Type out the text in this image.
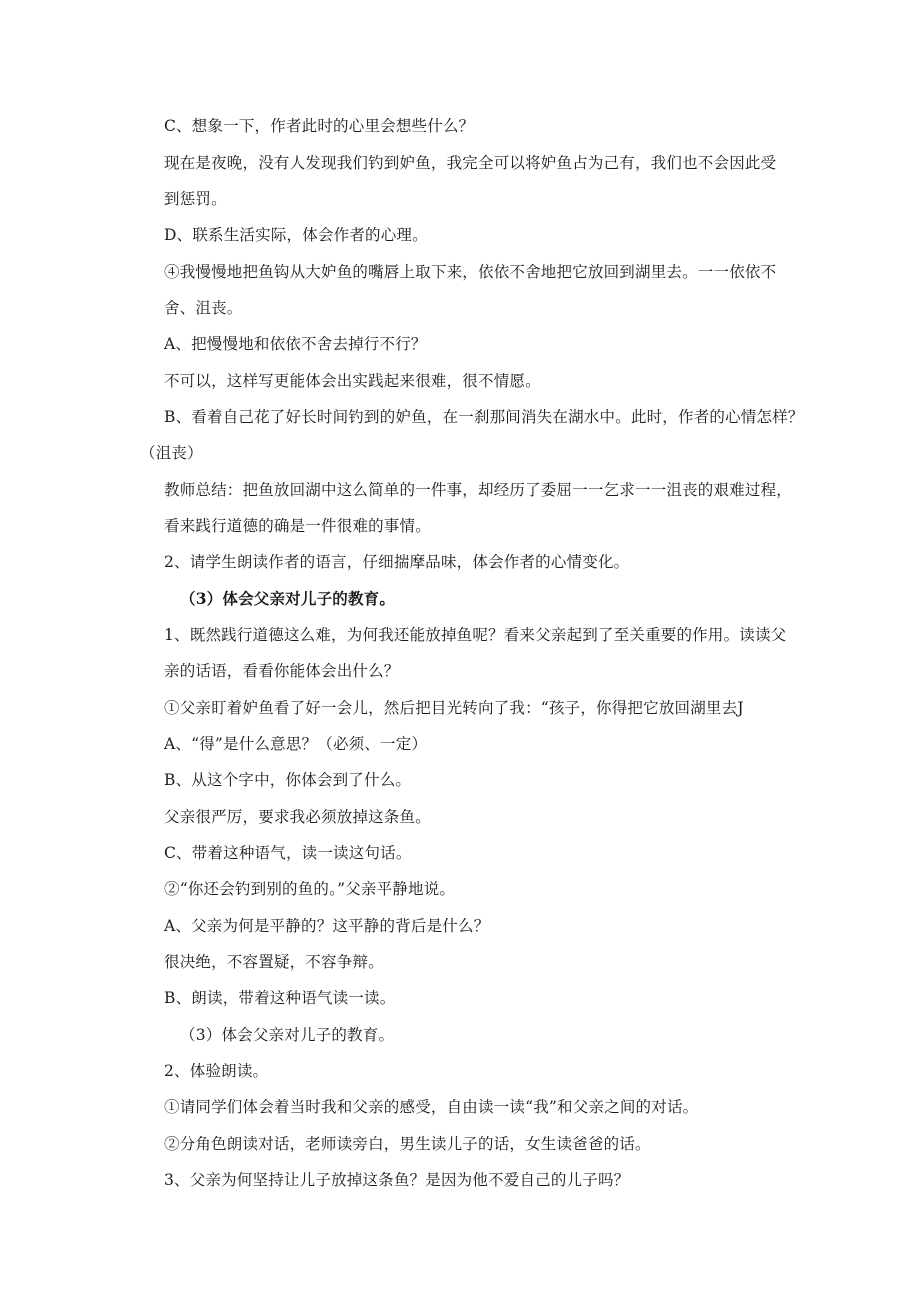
C、想象一下，作者此时的心里会想些什么？
现在是夜晚，没有人发现我们钓到妒鱼，我完全可以将妒鱼占为己有，我们也不会因此受
到惩罚。
D、联系生活实际，体会作者的心理。
④我慢慢地把鱼钩从大妒鱼的嘴唇上取下来，依依不舍地把它放回到湖里去。一一依依不
舍、沮丧。
A、把慢慢地和依依不舍去掉行不行？
不可以，这样写更能体会出实践起来很难，很不情愿。
B、看着自己花了好长时间钓到的妒鱼，在一刹那间消失在湖水中。此时，作者的心情怎样？
（沮丧）
教师总结：把鱼放回湖中这么简单的一件事，却经历了委屈一一乞求一一沮丧的艰难过程，
看来践行道德的确是一件很难的事情。
2、请学生朗读作者的语言，仔细揣摩品味，体会作者的心情变化。
（3）体会父亲对儿子的教育。
1、既然践行道德这么难，为何我还能放掉鱼呢？看来父亲起到了至关重要的作用。读读父
亲的话语，看看你能体会出什么？
①父亲盯着妒鱼看了好一会儿，然后把目光转向了我：“孩子，你得把它放回湖里去J
A、“得”是什么意思？（必须、一定）
B、从这个字中，你体会到了什么。
父亲很严厉，要求我必须放掉这条鱼。
C、带着这种语气，读一读这句话。
②“你还会钓到别的鱼的。”父亲平静地说。
A、父亲为何是平静的？这平静的背后是什么？
很决绝，不容置疑，不容争辩。
B、朗读，带着这种语气读一读。
（3）体会父亲对儿子的教育。
2、体验朗读。
①请同学们体会着当时我和父亲的感受，自由读一读“我”和父亲之间的对话。
②分角色朗读对话，老师读旁白，男生读儿子的话，女生读爸爸的话。
3、父亲为何坚持让儿子放掉这条鱼？是因为他不爱自己的儿子吗？
